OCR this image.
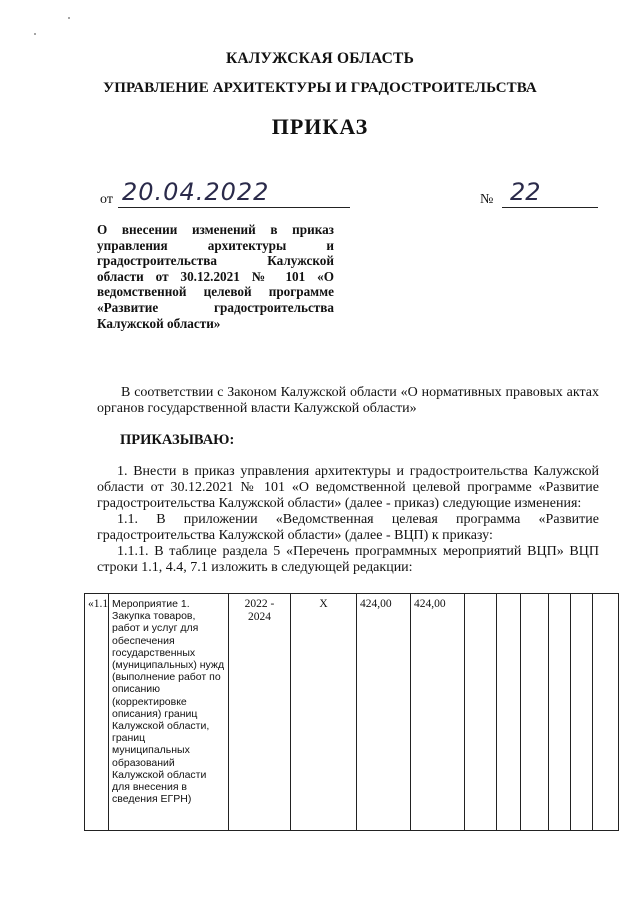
КАЛУЖСКАЯ ОБЛАСТЬ
УПРАВЛЕНИЕ АРХИТЕКТУРЫ И ГРАДОСТРОИТЕЛЬСТВА
ПРИКАЗ
от 20.04.2022	№ 22
О внесении изменений в приказ управления архитектуры и градостроительства Калужской области от 30.12.2021 № 101 «О ведомственной целевой программе «Развитие градостроительства Калужской области»
В соответствии с Законом Калужской области «О нормативных правовых актах органов государственной власти Калужской области»
ПРИКАЗЫВАЮ:
1. Внести в приказ управления архитектуры и градостроительства Калужской области от 30.12.2021 № 101 «О ведомственной целевой программе «Развитие градостроительства Калужской области» (далее - приказ) следующие изменения:
1.1. В приложении «Ведомственная целевая программа «Развитие градостроительства Калужской области» (далее - ВЦП) к приказу:
1.1.1. В таблице раздела 5 «Перечень программных мероприятий ВЦП» ВЦП строки 1.1, 4.4, 7.1 изложить в следующей редакции:
«1.1	Мероприятие 1. Закупка товаров, работ и услуг для обеспечения государственных (муниципальных) нужд (выполнение работ по описанию (корректировке описания) границ Калужской области, границ муниципальных образований Калужской области для внесения в сведения ЕГРН)	2022 - 2024	Х	424,00	424,00						
